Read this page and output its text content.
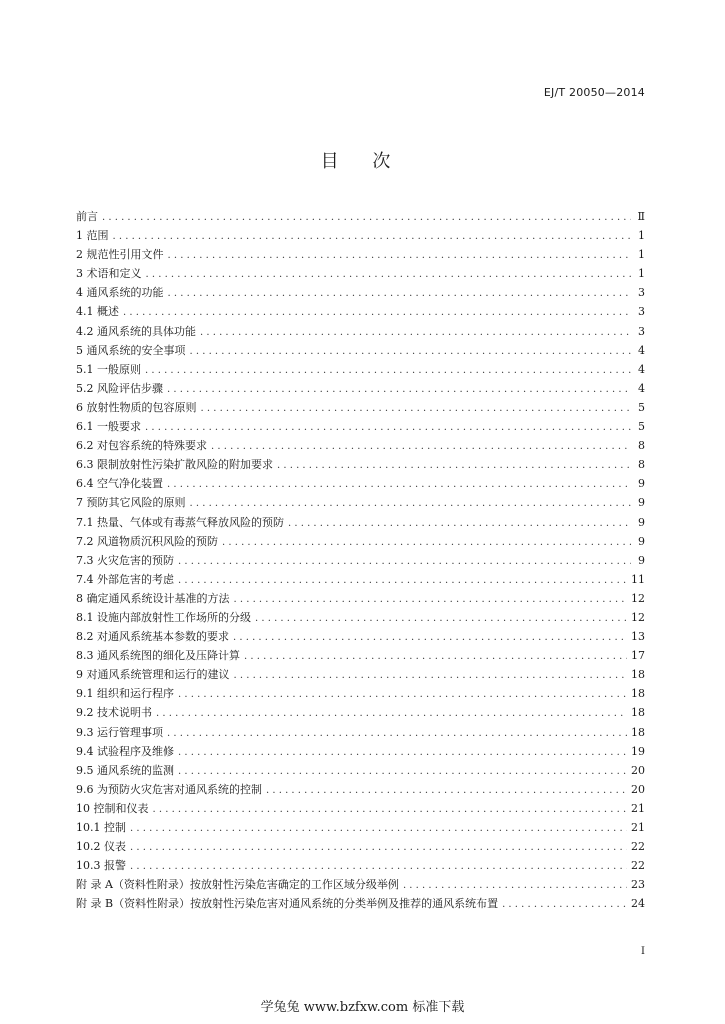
EJ/T 20050—2014
目 次
前言 . . .	Ⅱ
1 范围 . . .	1
2 规范性引用文件 . . .	1
3 术语和定义 . . .	1
4 通风系统的功能 . . .	3
4.1 概述 . . .	3
4.2 通风系统的具体功能 . . .	3
5 通风系统的安全事项 . . .	4
5.1 一般原则 . . .	4
5.2 风险评估步骤 . . .	4
6 放射性物质的包容原则 . . .	5
6.1 一般要求 . . .	5
6.2 对包容系统的特殊要求 . . .	8
6.3 限制放射性污染扩散风险的附加要求 . . .	8
6.4 空气净化装置 . . .	9
7 预防其它风险的原则 . . .	9
7.1 热量、气体或有毒蒸气释放风险的预防 . . .	9
7.2 风道物质沉积风险的预防 . . .	9
7.3 火灾危害的预防 . . .	9
7.4 外部危害的考虑 . . .	11
8 确定通风系统设计基准的方法 . . .	12
8.1 设施内部放射性工作场所的分级 . . .	12
8.2 对通风系统基本参数的要求 . . .	13
8.3 通风系统图的细化及压降计算 . . .	17
9 对通风系统管理和运行的建议 . . .	18
9.1 组织和运行程序 . . .	18
9.2 技术说明书 . . .	18
9.3 运行管理事项 . . .	18
9.4 试验程序及维修 . . .	19
9.5 通风系统的监测 . . .	20
9.6 为预防火灾危害对通风系统的控制 . . .	20
10 控制和仪表 . . .	21
10.1 控制 . . .	21
10.2 仪表 . . .	22
10.3 报警 . . .	22
附 录 A（资料性附录）按放射性污染危害确定的工作区域分级举例 . . .	23
附 录 B（资料性附录）按放射性污染危害对通风系统的分类举例及推荐的通风系统布置 . . .	24
I
学兔兔 www.bzfxw.com 标准下载
